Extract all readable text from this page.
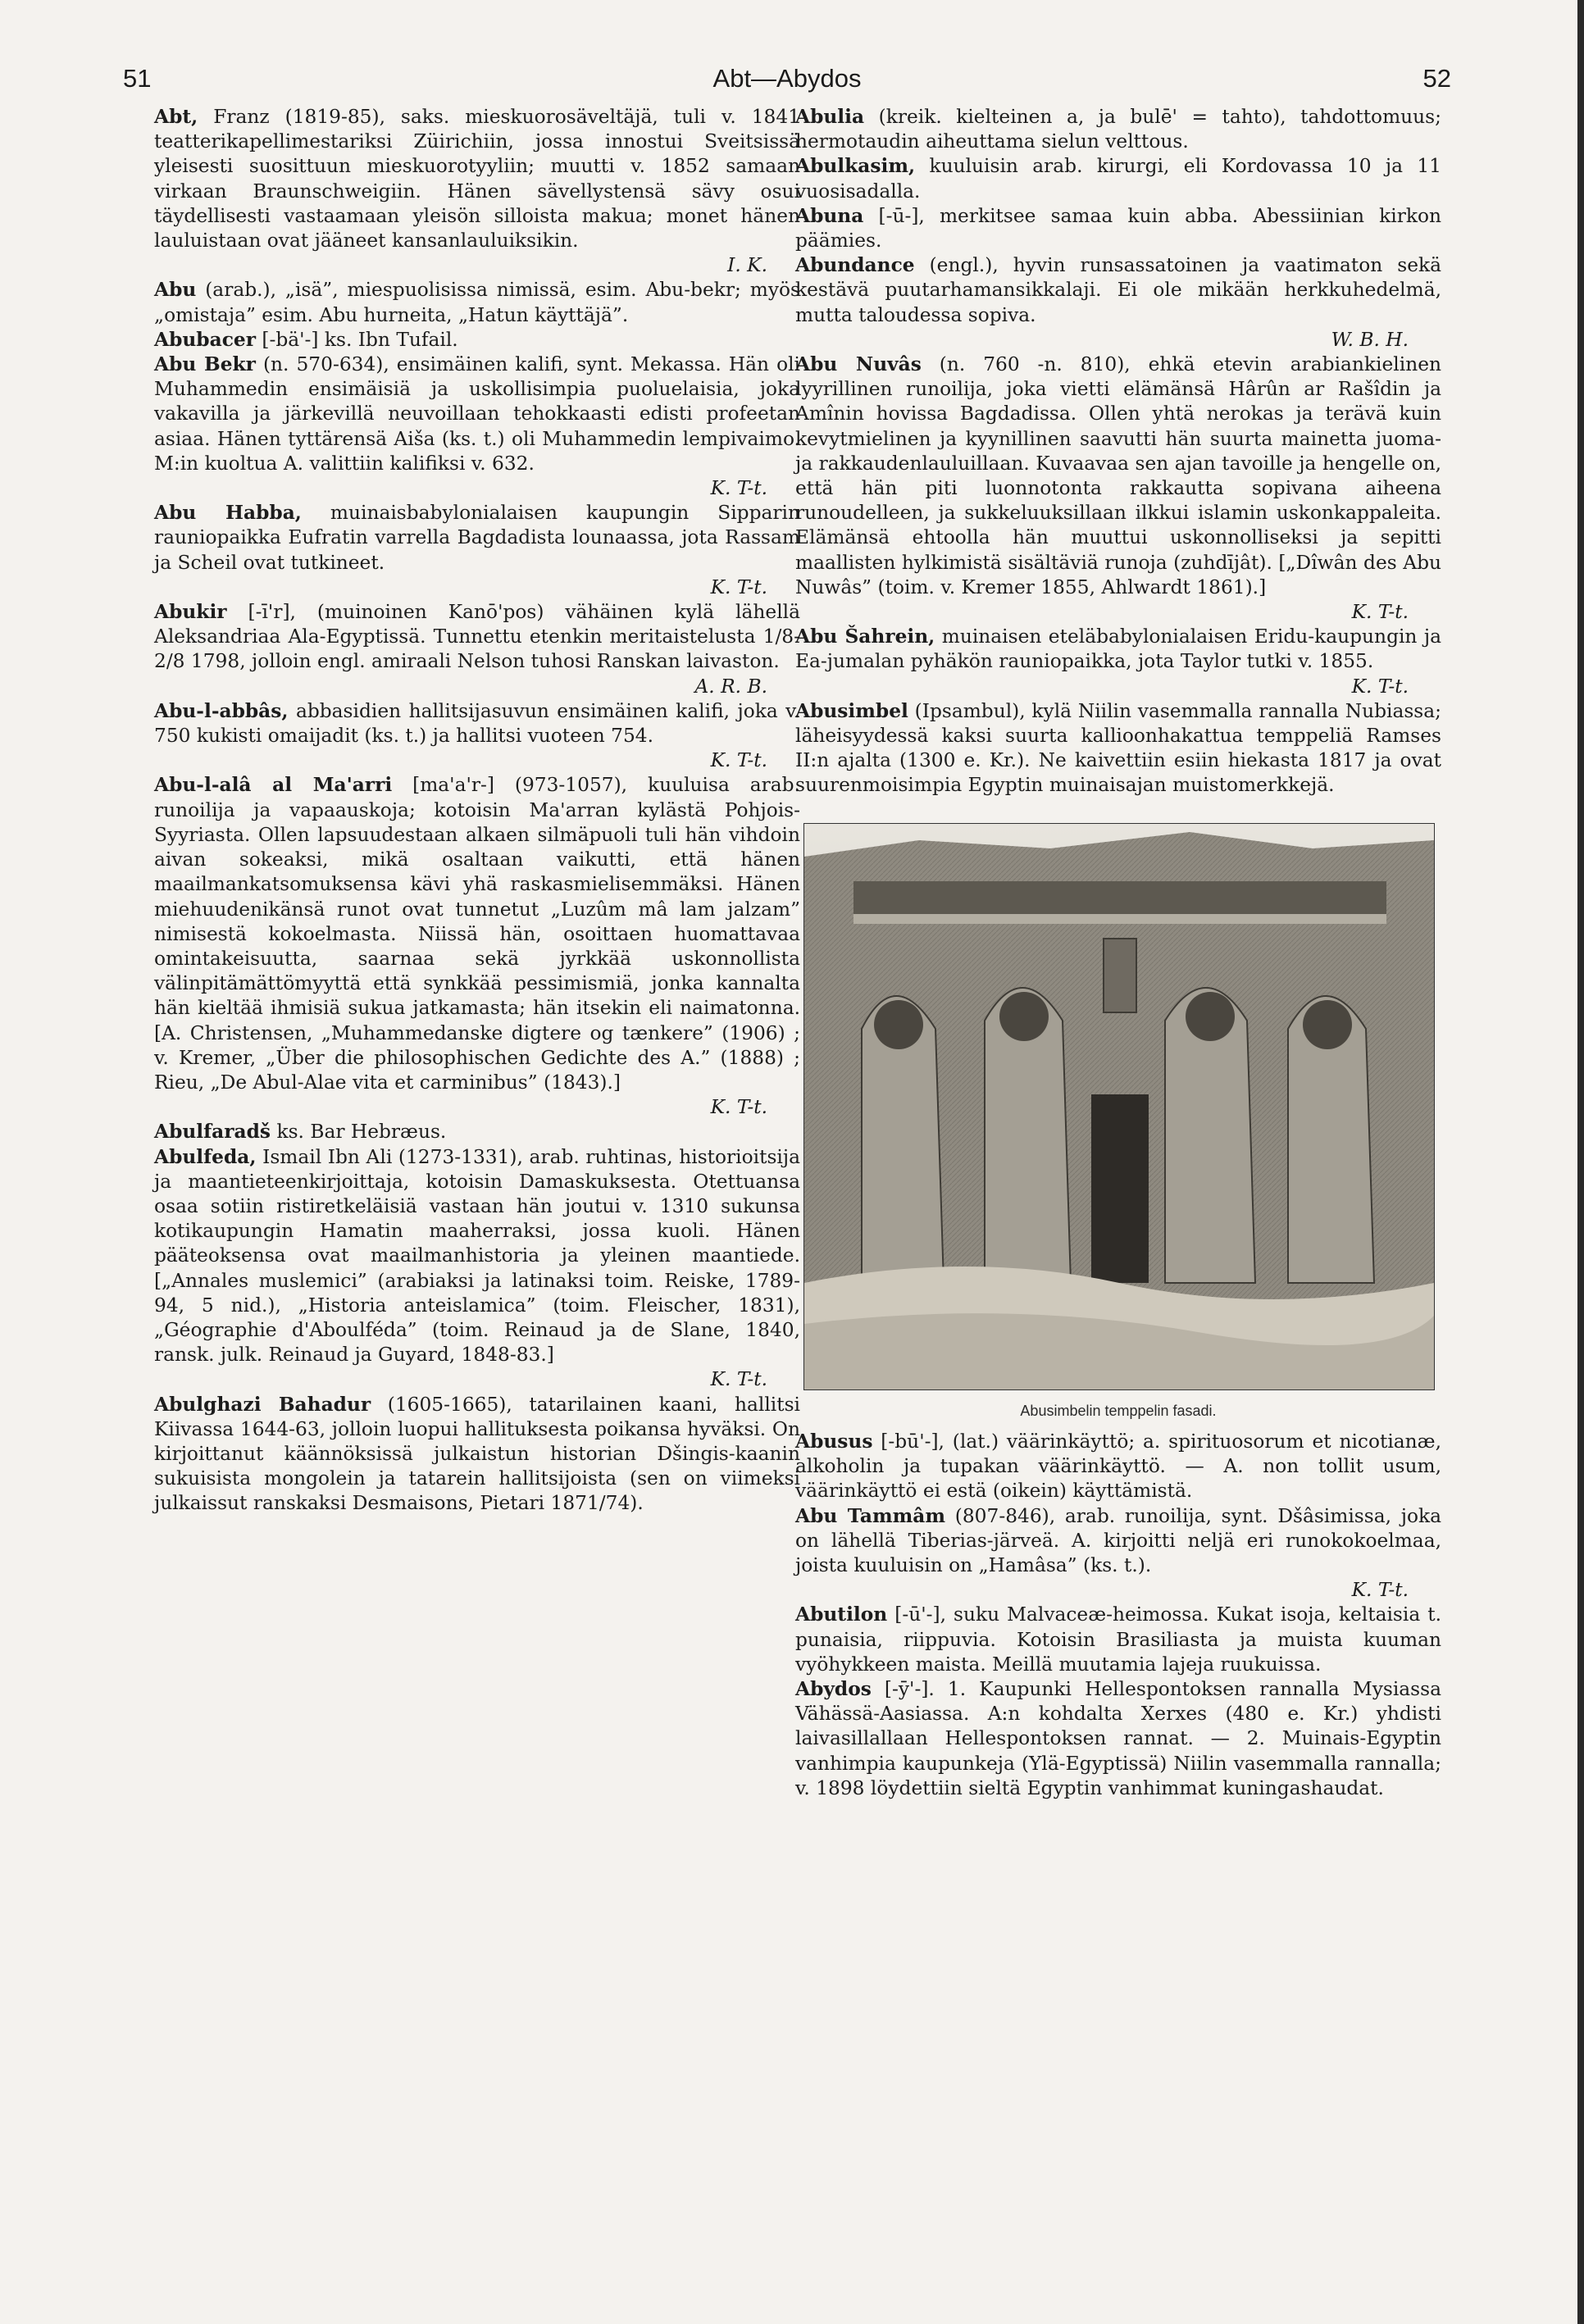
51	Abt—Abydos	52

Abt, Franz (1819-85), saks. mieskuorosäveltäjä, tuli v. 1841 teatterikapellimestariksi Züirichiin, jossa innostui Sveitsissä yleisesti suosittuun mieskuorotyyliin; muutti v. 1852 samaan virkaan Braunschweigiin. Hänen sävellystensä sävy osui täydellisesti vastaamaan yleisön silloista makua; monet hänen lauluistaan ovat jääneet kansanlauluiksikin.
I. K.

Abu (arab.), „isä”, miespuolisissa nimissä, esim. Abu-bekr; myös „omistaja” esim. Abu hurneita, „Hatun käyttäjä”.

Abubacer [-bä'-] ks. Ibn Tufail.

Abu Bekr (n. 570-634), ensimäinen kalifi, synt. Mekassa. Hän oli Muhammedin ensimäisiä ja uskollisimpia puoluelaisia, joka vakavilla ja järkevillä neuvoillaan tehokkaasti edisti profeetan asiaa. Hänen tyttärensä Aiša (ks. t.) oli Muhammedin lempivaimo. M:in kuoltua A. valittiin kalifiksi v. 632.
K. T-t.

Abu Habba, muinaisbabylonialaisen kaupungin Sipparin rauniopaikka Eufratin varrella Bagdadista lounaassa, jota Rassam ja Scheil ovat tutkineet.
K. T-t.

Abukir [-ī'r], (muinoinen Kanō'pos) vähäinen kylä lähellä Aleksandriaa Ala-Egyptissä. Tunnettu etenkin meritaistelusta 1/8-2/8 1798, jolloin engl. amiraali Nelson tuhosi Ranskan laivaston.
A. R. B.

Abu-l-abbâs, abbasidien hallitsijasuvun ensimäinen kalifi, joka v. 750 kukisti omaijadit (ks. t.) ja hallitsi vuoteen 754.
K. T-t.

Abu-l-alâ al Ma'arri [ma'a'r-] (973-1057), kuuluisa arab. runoilija ja vapaauskoja; kotoisin Ma'arran kylästä Pohjois-Syyriasta. Ollen lapsuudestaan alkaen silmäpuoli tuli hän vihdoin aivan sokeaksi, mikä osaltaan vaikutti, että hänen maailmankatsomuksensa kävi yhä raskasmielisemmäksi. Hänen miehuudenikänsä runot ovat tunnetut „Luzûm mâ lam jalzam” nimisestä kokoelmasta. Niissä hän, osoittaen huomattavaa omintakeisuutta, saarnaa sekä jyrkkää uskonnollista välinpitämättömyyttä että synkkää pessimismiä, jonka kannalta hän kieltää ihmisiä sukua jatkamasta; hän itsekin eli naimatonna. [A. Christensen, „Muhammedanske digtere og tænkere” (1906) ; v. Kremer, „Über die philosophischen Gedichte des A.” (1888) ; Rieu, „De Abul-Alae vita et carminibus” (1843).]
K. T-t.

Abulfaradš ks. Bar Hebræus.

Abulfeda, Ismail Ibn Ali (1273-1331), arab. ruhtinas, historioitsija ja maantieteenkirjoittaja, kotoisin Damaskuksesta. Otettuansa osaa sotiin ristiretkeläisiä vastaan hän joutui v. 1310 sukunsa kotikaupungin Hamatin maaherraksi, jossa kuoli. Hänen pääteoksensa ovat maailmanhistoria ja yleinen maantiede. [„Annales muslemici” (arabiaksi ja latinaksi toim. Reiske, 1789-94, 5 nid.), „Historia anteislamica” (toim. Fleischer, 1831), „Géographie d'Aboulféda” (toim. Reinaud ja de Slane, 1840, ransk. julk. Reinaud ja Guyard, 1848-83.]
K. T-t.

Abulghazi Bahadur (1605-1665), tatarilainen kaani, hallitsi Kiivassa 1644-63, jolloin luopui hallituksesta poikansa hyväksi. On kirjoittanut käännöksissä julkaistun historian Dšingis-kaanin sukuisista mongolein ja tatarein hallitsijoista (sen on viimeksi julkaissut ranskaksi Desmaisons, Pietari 1871/74).

Abulia (kreik. kielteinen a, ja bulē' = tahto), tahdottomuus; hermotaudin aiheuttama sielun velttous.

Abulkasim, kuuluisin arab. kirurgi, eli Kordovassa 10 ja 11 vuosisadalla.

Abuna [-ū-], merkitsee samaa kuin abba. Abessiinian kirkon päämies.

Abundance (engl.), hyvin runsassatoinen ja vaatimaton sekä kestävä puutarhamansikkalaji. Ei ole mikään herkkuhedelmä, mutta taloudessa sopiva.
W. B. H.

Abu Nuvâs (n. 760 -n. 810), ehkä etevin arabiankielinen lyyrillinen runoilija, joka vietti elämänsä Hârûn ar Rašîdin ja Amînin hovissa Bagdadissa. Ollen yhtä nerokas ja terävä kuin kevytmielinen ja kyynillinen saavutti hän suurta mainetta juoma- ja rakkaudenlauluillaan. Kuvaavaa sen ajan tavoille ja hengelle on, että hän piti luonnotonta rakkautta sopivana aiheena runoudelleen, ja sukkeluuksillaan ilkkui islamin uskonkappaleita. Elämänsä ehtoolla hän muuttui uskonnolliseksi ja sepitti maallisten hylkimistä sisältäviä runoja (zuhdījât). [„Dîwân des Abu Nuwâs” (toim. v. Kremer 1855, Ahlwardt 1861).]
K. T-t.

Abu Šahrein, muinaisen eteläbabylonialaisen Eridu-kaupungin ja Ea-jumalan pyhäkön rauniopaikka, jota Taylor tutki v. 1855.
K. T-t.

Abusimbel (Ipsambul), kylä Niilin vasemmalla rannalla Nubiassa; läheisyydessä kaksi suurta kallioonhakattua temppeliä Ramses II:n ajalta (1300 e. Kr.). Ne kaivettiin esiin hiekasta 1817 ja ovat suurenmoisimpia Egyptin muinaisajan muistomerkkejä.

Abusimbelin temppelin fasadi.

Abusus [-bū'-], (lat.) väärinkäyttö; a. spirituosorum et nicotianæ, alkoholin ja tupakan väärinkäyttö. — A. non tollit usum, väärinkäyttö ei estä (oikein) käyttämistä.

Abu Tammâm (807-846), arab. runoilija, synt. Dšâsimissa, joka on lähellä Tiberias-järveä. A. kirjoitti neljä eri runokokoelmaa, joista kuuluisin on „Hamâsa” (ks. t.).
K. T-t.

Abutilon [-ū'-], suku Malvaceæ-heimossa. Kukat isoja, keltaisia t. punaisia, riippuvia. Kotoisin Brasiliasta ja muista kuuman vyöhykkeen maista. Meillä muutamia lajeja ruukuissa.

Abydos [-ȳ'-]. 1. Kaupunki Hellespontoksen rannalla Mysiassa Vähässä-Aasiassa. A:n kohdalta Xerxes (480 e. Kr.) yhdisti laivasillallaan Hellespontoksen rannat. — 2. Muinais-Egyptin vanhimpia kaupunkeja (Ylä-Egyptissä) Niilin vasemmalla rannalla; v. 1898 löydettiin sieltä Egyptin vanhimmat kuningashaudat.
